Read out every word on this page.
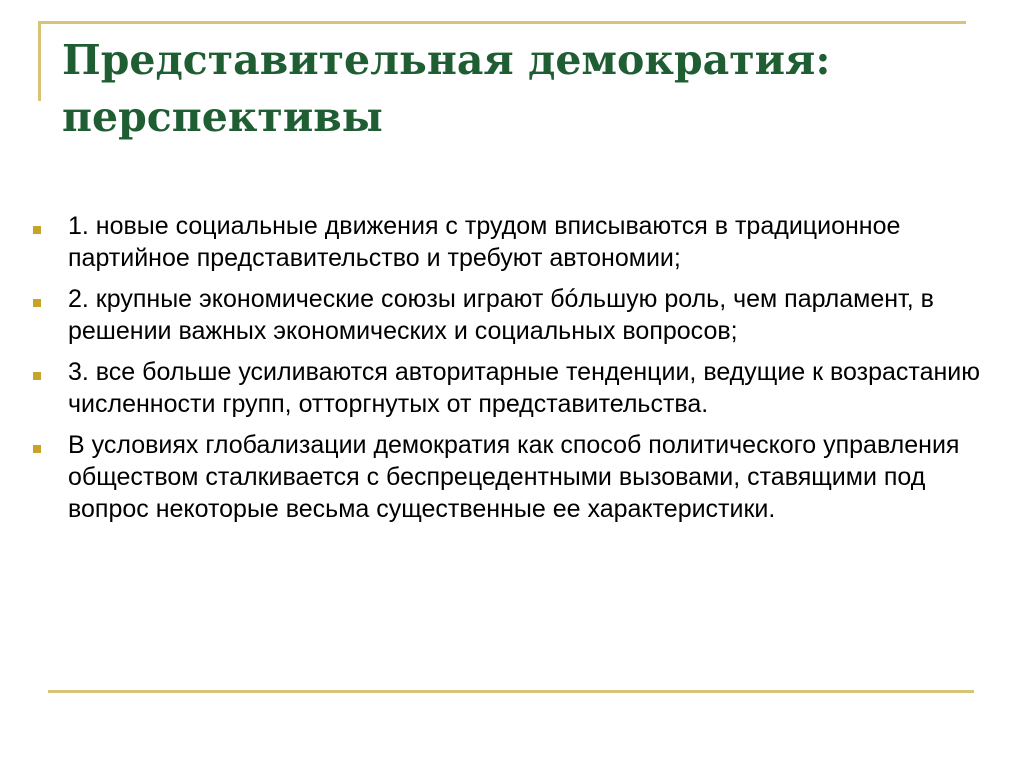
Представительная демократия:
перспективы
1. новые социальные движения с трудом вписываются в традиционное партийное представительство и требуют автономии;
2. крупные экономические союзы играют бóльшую роль, чем парламент, в решении важных экономических и социальных вопросов;
3. все больше усиливаются авторитарные тенденции, ведущие к возрастанию численности групп, отторгнутых от представительства.
В условиях глобализации демократия как способ политического управления обществом сталкивается с беспрецедентными вызовами, ставящими под вопрос некоторые весьма существенные ее характеристики.
